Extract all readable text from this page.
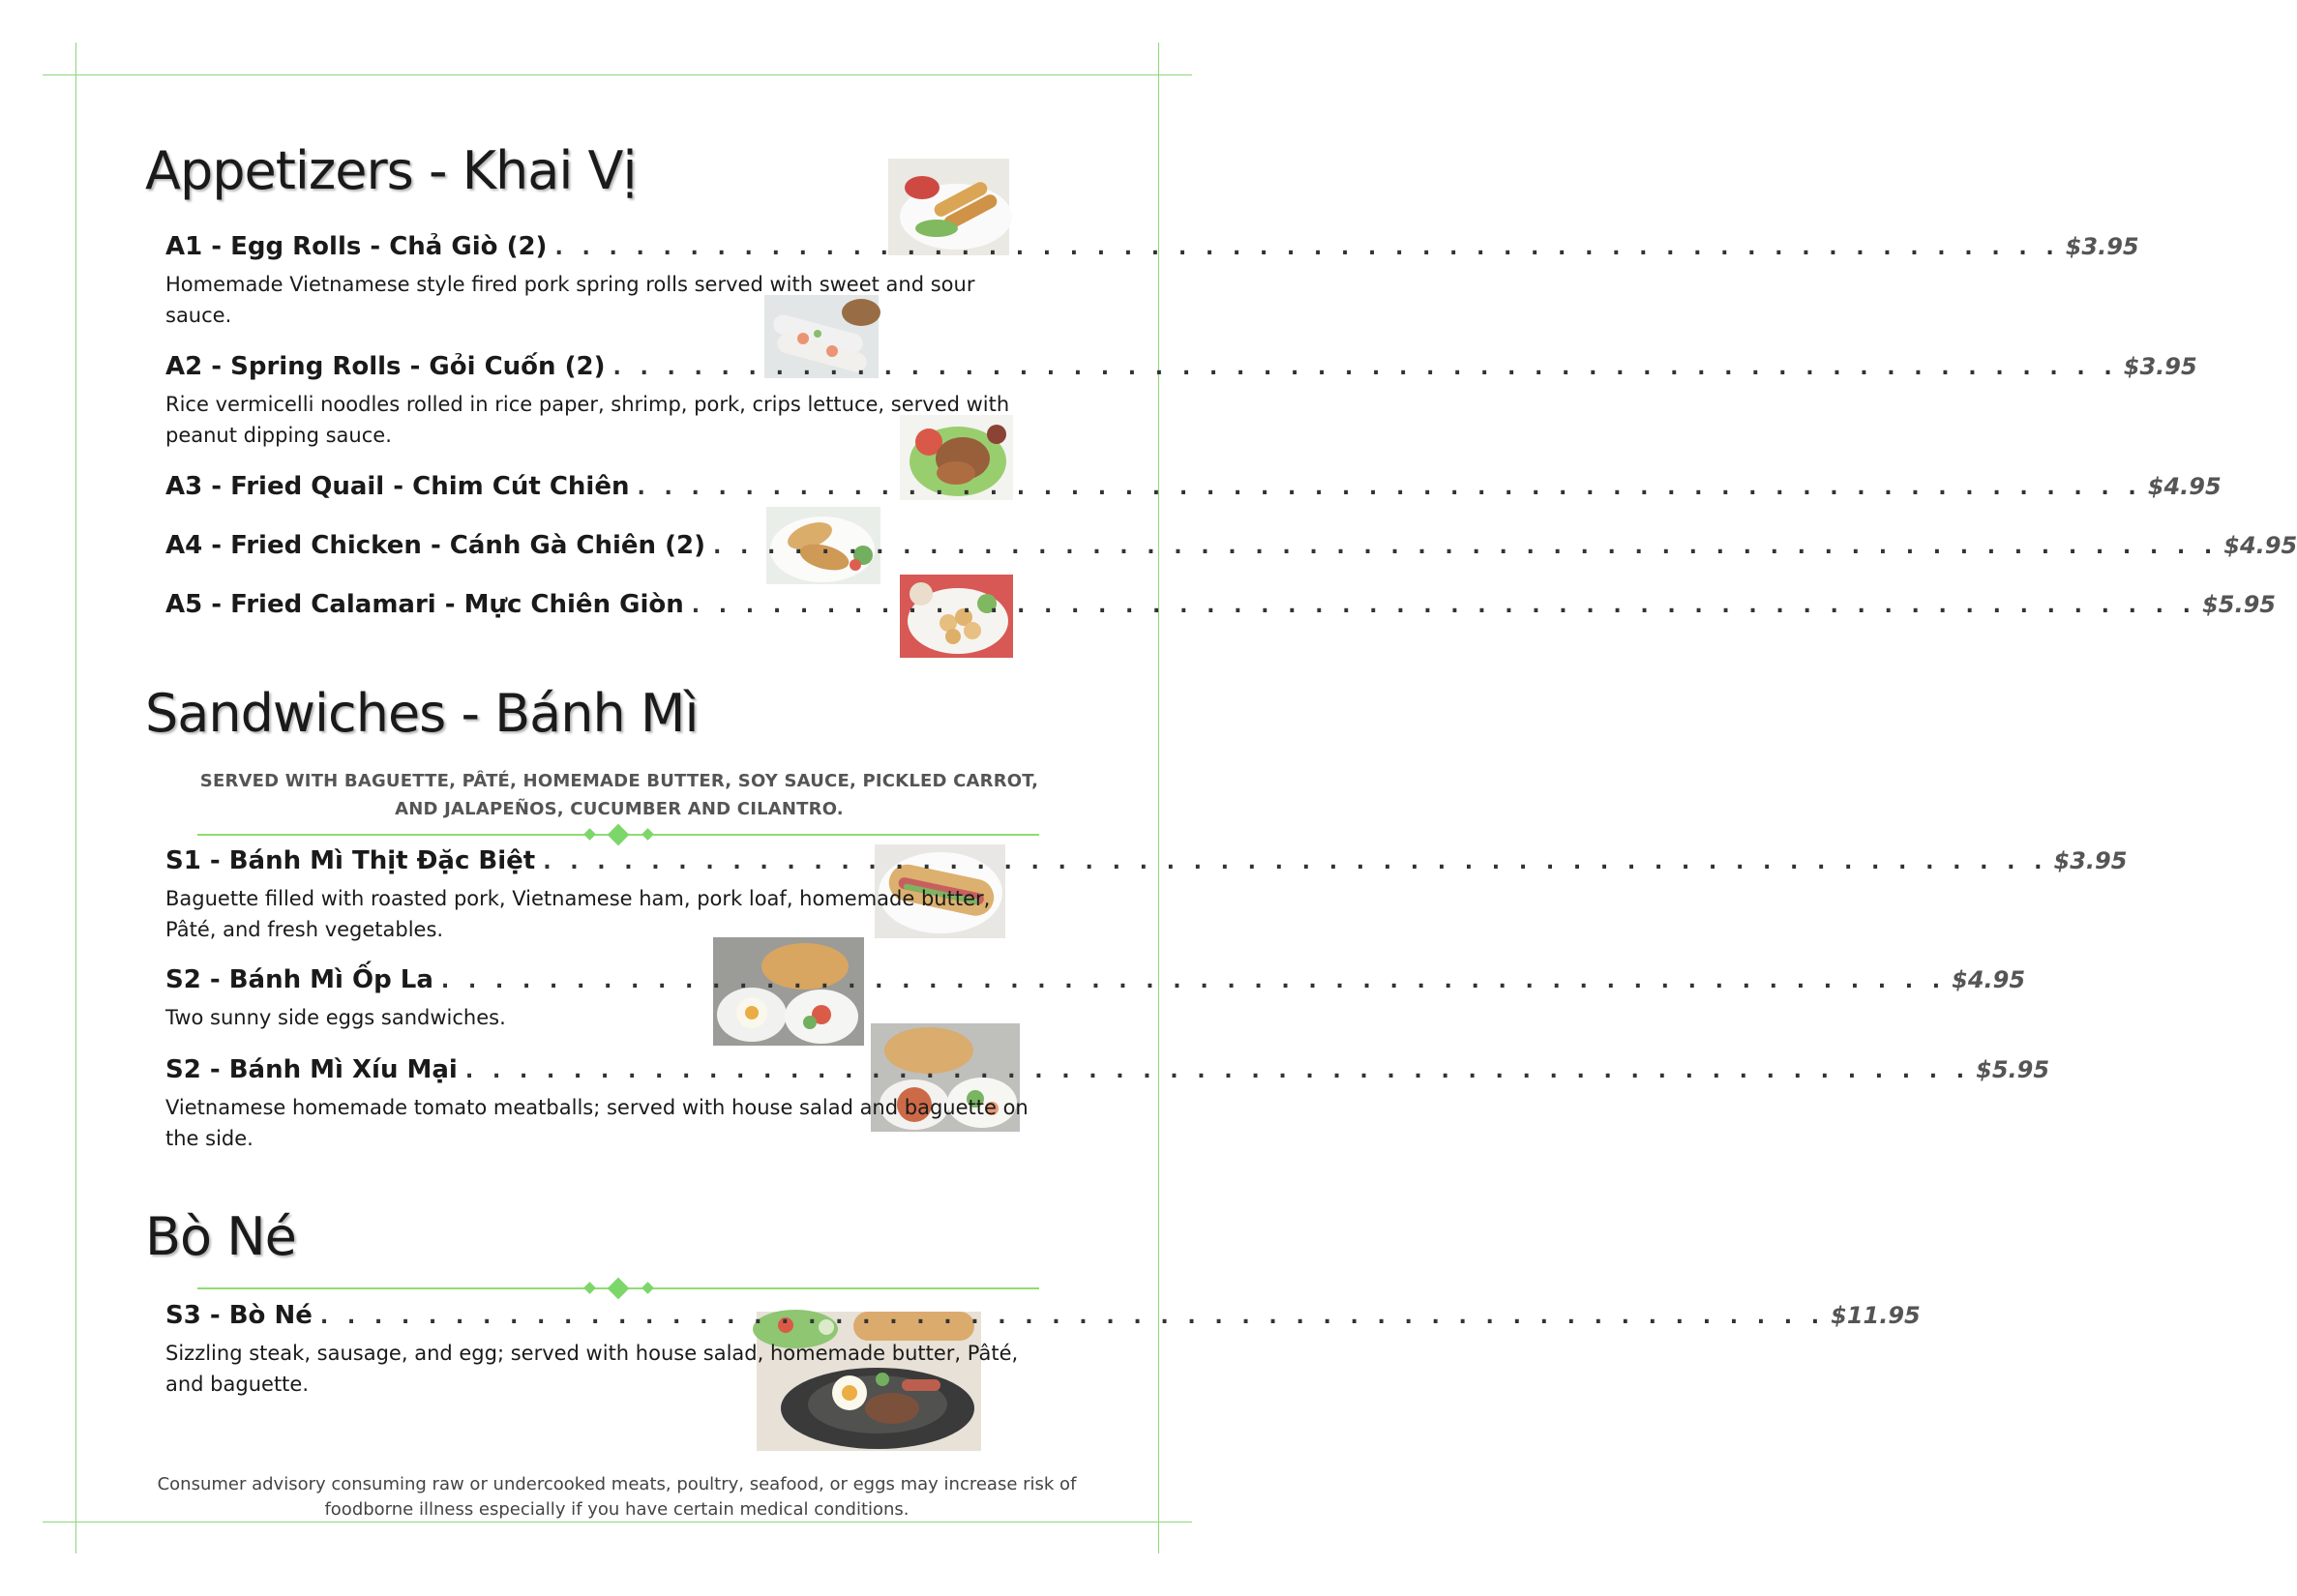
Appetizers - Khai Vị
A1 - Egg Rolls - Chả Giò (2) . . . . . . . . . . . . . . . . . . . . . . . . . . . . . . . . . . . . . . . . . . . . . . . . . . . . . . . . $3.95

Homemade Vietnamese style fired pork spring rolls served with sweet and sour sauce.

A2 - Spring Rolls - Gỏi Cuốn (2) . . . . . . . . . . . . . . . . . . . . . . . . . . . . . . . . . . . . . . . . . . . . . . . . . . . . . . . . $3.95

Rice vermicelli noodles rolled in rice paper, shrimp, pork, crips lettuce, served with peanut dipping sauce.

A3 - Fried Quail - Chim Cút Chiên . . . . . . . . . . . . . . . . . . . . . . . . . . . . . . . . . . . . . . . . . . . . . . . . . . . . . . . . $4.95
A4 - Fried Chicken - Cánh Gà Chiên (2) . . . . . . . . . . . . . . . . . . . . . . . . . . . . . . . . . . . . . . . . . . . . . . . . . . . . . . . . $4.95
A5 - Fried Calamari - Mực Chiên Giòn . . . . . . . . . . . . . . . . . . . . . . . . . . . . . . . . . . . . . . . . . . . . . . . . . . . . . . . . $5.95
Sandwiches - Bánh Mì
SERVED WITH BAGUETTE, PÂTÉ, HOMEMADE BUTTER, SOY SAUCE, PICKLED CARROT, AND JALAPEÑOS, CUCUMBER AND CILANTRO.
S1 - Bánh Mì Thịt Đặc Biệt . . . . . . . . . . . . . . . . . . . . . . . . . . . . . . . . . . . . . . . . . . . . . . . . . . . . . . . . $3.95

Baguette filled with roasted pork, Vietnamese ham, pork loaf, homemade butter, Pâté, and fresh vegetables.

S2 - Bánh Mì Ốp La . . . . . . . . . . . . . . . . . . . . . . . . . . . . . . . . . . . . . . . . . . . . . . . . . . . . . . . . $4.95

Two sunny side eggs sandwiches.

S2 - Bánh Mì Xíu Mại . . . . . . . . . . . . . . . . . . . . . . . . . . . . . . . . . . . . . . . . . . . . . . . . . . . . . . . . $5.95

Vietnamese homemade tomato meatballs; served with house salad and baguette on the side.

Bò Né
S3 - Bò Né . . . . . . . . . . . . . . . . . . . . . . . . . . . . . . . . . . . . . . . . . . . . . . . . . . . . . . . . $11.95

Sizzling steak, sausage, and egg; served with house salad, homemade butter, Pâté, and baguette.

Consumer advisory consuming raw or undercooked meats, poultry, seafood, or eggs may increase risk of foodborne illness especially if you have certain medical conditions.
